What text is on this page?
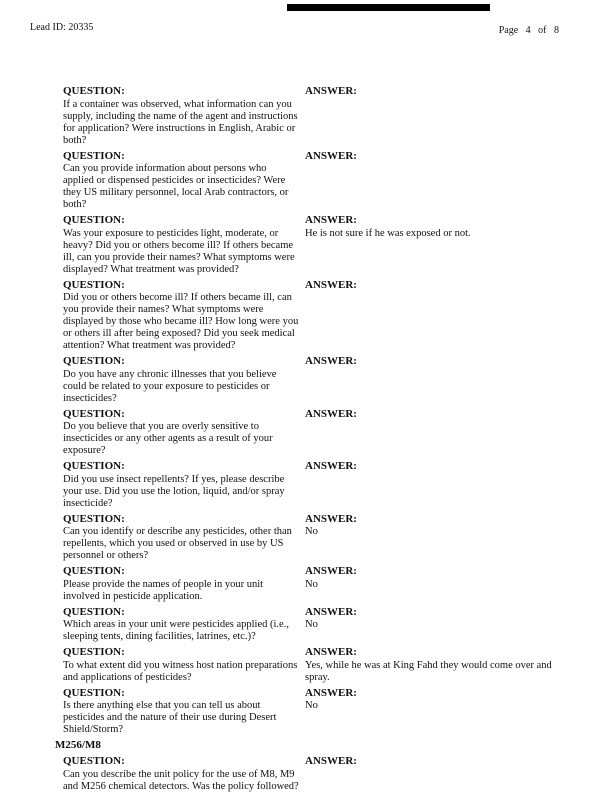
Lead ID: 20335	Page   4   of   8
QUESTION:
If a container was observed, what information can you supply, including the name of the agent and instructions for application? Were instructions in English, Arabic or both?
ANSWER:
QUESTION:
Can you provide information about persons who applied or dispensed pesticides or insecticides? Were they US military personnel, local Arab contractors, or both?
ANSWER:
QUESTION:
Was your exposure to pesticides light, moderate, or heavy? Did you or others become ill? If others became ill, can you provide their names? What symptoms were displayed? What treatment was provided?
ANSWER:
He is not sure if he was exposed or not.
QUESTION:
Did you or others become ill? If others became ill, can you provide their names? What symptoms were displayed by those who became ill? How long were you or others ill after being exposed? Did you seek medical attention? What treatment was provided?
ANSWER:
QUESTION:
Do you have any chronic illnesses that you believe could be related to your exposure to pesticides or insecticides?
ANSWER:
QUESTION:
Do you believe that you are overly sensitive to insecticides or any other agents as a result of your exposure?
ANSWER:
QUESTION:
Did you use insect repellents? If yes, please describe your use. Did you use the lotion, liquid, and/or spray insecticide?
ANSWER:
QUESTION:
Can you identify or describe any pesticides, other than repellents, which you used or observed in use by US personnel or others?
ANSWER:
No
QUESTION:
Please provide the names of people in your unit involved in pesticide application.
ANSWER:
No
QUESTION:
Which areas in your unit were pesticides applied (i.e., sleeping tents, dining facilities, latrines, etc.)?
ANSWER:
No
QUESTION:
To what extent did you witness host nation preparations and applications of pesticides?
ANSWER:
Yes, while he was at King Fahd they would come over and spray.
QUESTION:
Is there anything else that you can tell us about pesticides and the nature of their use during Desert Shield/Storm?
ANSWER:
No
M256/M8
QUESTION:
Can you describe the unit policy for the use of M8, M9 and M256 chemical detectors. Was the policy followed?
ANSWER:
